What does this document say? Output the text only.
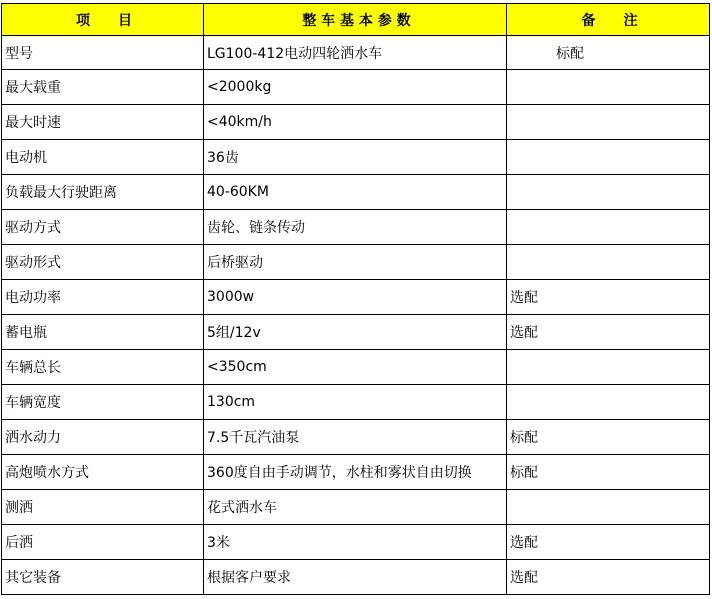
项　　目	整 车 基 本 参 数	备　　注
型号	LG100-412电动四轮洒水车	标配
最大载重	<2000kg	
最大时速	<40km/h	
电动机	36齿	
负载最大行驶距离	40-60KM	
驱动方式	齿轮、链条传动	
驱动形式	后桥驱动	
电动功率	3000w	选配
蓄电瓶	5组/12v	选配
车辆总长	<350cm	
车辆宽度	130cm	
洒水动力	7.5千瓦汽油泵	标配
高炮喷水方式	360度自由手动调节，水柱和雾状自由切换	标配
测洒	花式洒水车	
后洒	3米	选配
其它装备	根据客户要求	选配
